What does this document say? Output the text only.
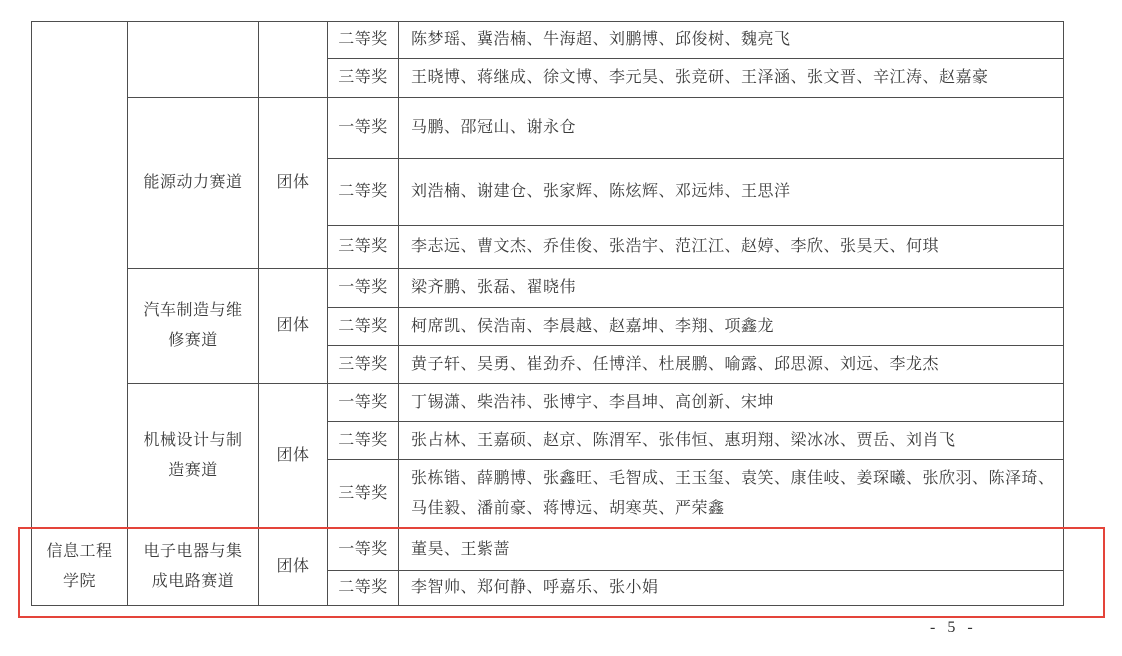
			二等奖	陈梦瑶、冀浩楠、牛海超、刘鹏博、邱俊树、魏亮飞
			三等奖	王晓博、蒋继成、徐文博、李元昊、张竞研、王泽涵、张文晋、辛江涛、赵嘉豪
	能源动力赛道	团体	一等奖	马鹏、邵冠山、谢永仓
			二等奖	刘浩楠、谢建仓、张家辉、陈炫辉、邓远炜、王思洋
			三等奖	李志远、曹文杰、乔佳俊、张浩宇、范江江、赵婷、李欣、张昊天、何琪
	汽车制造与维修赛道	团体	一等奖	梁齐鹏、张磊、翟晓伟
			二等奖	柯席凯、侯浩南、李晨越、赵嘉坤、李翔、项鑫龙
			三等奖	黄子轩、吴勇、崔劲乔、任博洋、杜展鹏、喻露、邱思源、刘远、李龙杰
	机械设计与制造赛道	团体	一等奖	丁锡潇、柴浩祎、张博宇、李昌坤、高创新、宋坤
			二等奖	张占林、王嘉硕、赵京、陈渭军、张伟恒、惠玥翔、梁冰冰、贾岳、刘肖飞
			三等奖	张栋锴、薛鹏博、张鑫旺、毛智成、王玉玺、袁笑、康佳岐、姜琛曦、张欣羽、陈泽琦、马佳毅、潘前豪、蒋博远、胡寒英、严荣鑫
信息工程学院	电子电器与集成电路赛道	团体	一等奖	董昊、王紫蔷
			二等奖	李智帅、郑何静、呼嘉乐、张小娟
- 5 -
